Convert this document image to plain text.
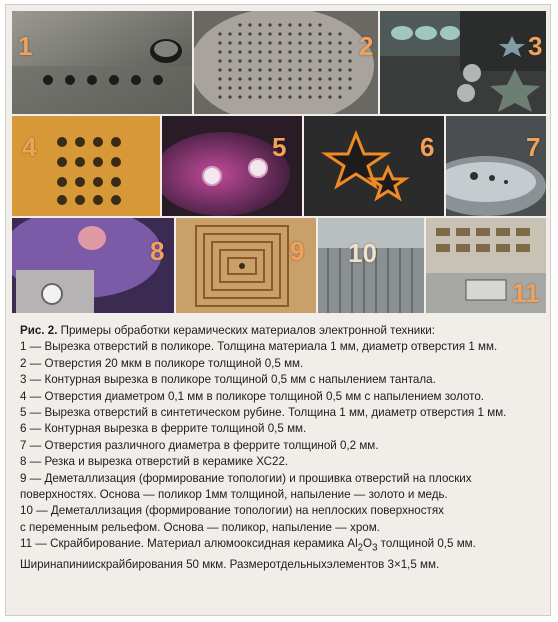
1	2	3
4	5	6	7
8	9 10
11

Рис. 2. Примеры обработки керамических материалов электронной техники:

1 — Вырезка отверстий в поликоре. Толщина материала 1 мм, диаметр отверстия 1 мм.

2 — Отверстия 20 мкм в поликоре толщиной 0,5 мм.

3 — Контурная вырезка в поликоре толщиной 0,5 мм с напылением тантала.

4 — Отверстия диаметром 0,1 мм в поликоре толщиной 0,5 мм с напылением золото.

5 — Вырезка отверстий в синтетическом рубине. Толщина 1 мм, диаметр отверстия 1 мм.

6 — Контурная вырезка в феррите толщиной 0,5 мм.

7 — Отверстия различного диаметра в феррите толщиной 0,2 мм.

8 — Резка и вырезка отверстий в керамике ХС22.

9 — Деметаллизация (формирование топологии) и прошивка отверстий на плоских

поверхностях. Основа — поликор 1мм толщиной, напыление — золото и медь.

10 — Деметаллизация (формирование топологии) на неплоских поверхностях

с переменным рельефом. Основа — поликор, напыление — хром.

11 — Скрайбирование. Материал алюмооксидная керамика $Al_2O_3$ толщиной 0,5 мм.

Ширинапинииcкрайбирования 50 мкм. Размеротдельныхэлементов 3×1,5 мм.
